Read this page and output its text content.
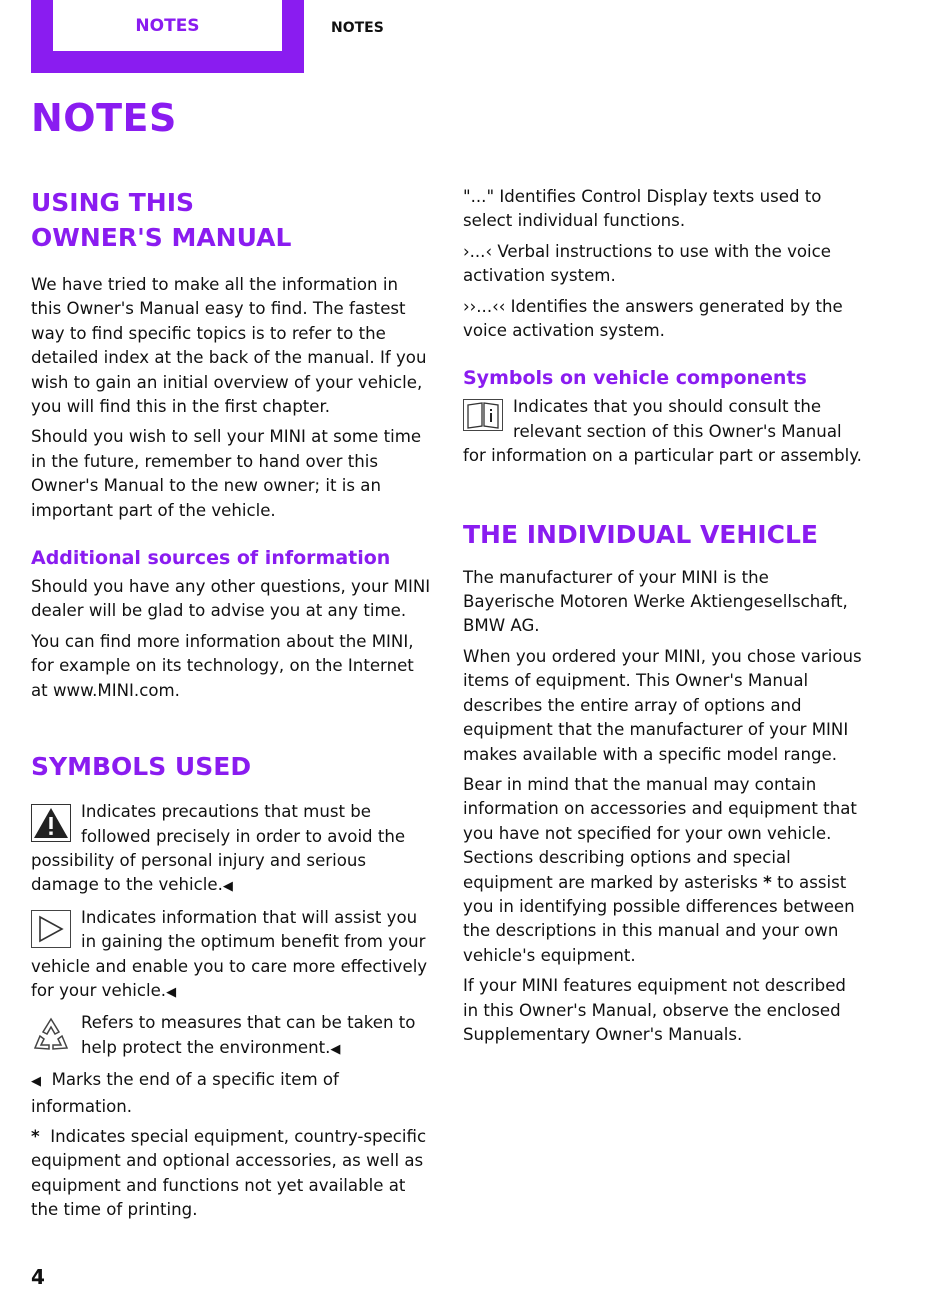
NOTES	NOTES
NOTES
USING THIS OWNER'S MANUAL

We have tried to make all the information in this Owner's Manual easy to find. The fastest way to find specific topics is to refer to the detailed index at the back of the manual. If you wish to gain an initial overview of your vehicle, you will find this in the first chapter.

Should you wish to sell your MINI at some time in the future, remember to hand over this Owner's Manual to the new owner; it is an important part of the vehicle.

Additional sources of information

Should you have any other questions, your MINI dealer will be glad to advise you at any time.

You can find more information about the MINI, for example on its technology, on the Internet at www.MINI.com.

SYMBOLS USED

Indicates precautions that must be followed precisely in order to avoid the possibility of personal injury and serious damage to the vehicle.◀

Indicates information that will assist you in gaining the optimum benefit from your vehicle and enable you to care more effectively for your vehicle.◀

Refers to measures that can be taken to help protect the environment.◀

◀ Marks the end of a specific item of information.

* Indicates special equipment, country-specific equipment and optional accessories, as well as equipment and functions not yet available at the time of printing.

"..." Identifies Control Display texts used to select individual functions.

›...‹ Verbal instructions to use with the voice activation system.

››...‹‹ Identifies the answers generated by the voice activation system.

Symbols on vehicle components

Indicates that you should consult the relevant section of this Owner's Manual for information on a particular part or assembly.

THE INDIVIDUAL VEHICLE

The manufacturer of your MINI is the Bayerische Motoren Werke Aktiengesellschaft, BMW AG.

When you ordered your MINI, you chose various items of equipment. This Owner's Manual describes the entire array of options and equipment that the manufacturer of your MINI makes available with a specific model range.

Bear in mind that the manual may contain information on accessories and equipment that you have not specified for your own vehicle. Sections describing options and special equipment are marked by asterisks * to assist you in identifying possible differences between the descriptions in this manual and your own vehicle's equipment.

If your MINI features equipment not described in this Owner's Manual, observe the enclosed Supplementary Owner's Manuals.

4
